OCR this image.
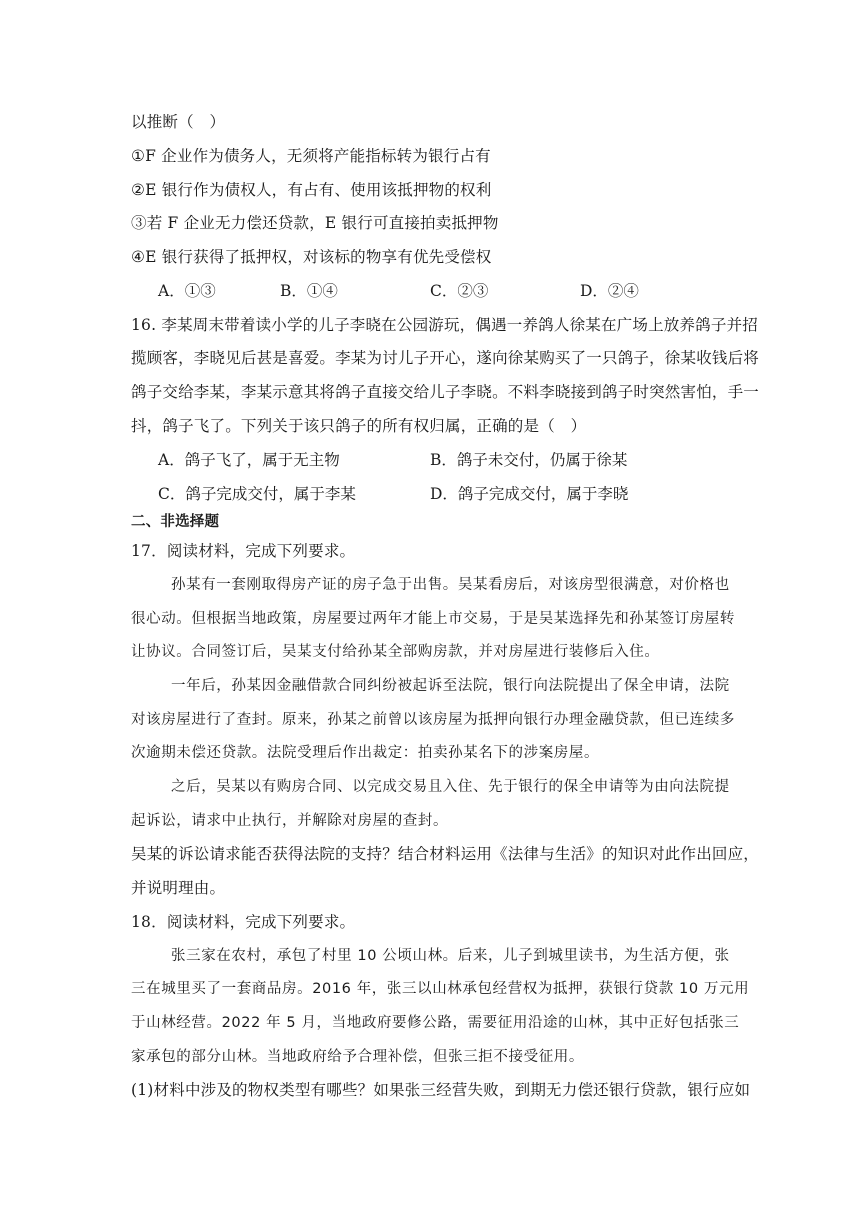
以推断（　）
①F 企业作为债务人，无须将产能指标转为银行占有
②E 银行作为债权人，有占有、使用该抵押物的权利
③若 F 企业无力偿还贷款，E 银行可直接拍卖抵押物
④E 银行获得了抵押权，对该标的物享有优先受偿权
A．①③	B．①④	C．②③	D．②④
16. 李某周末带着读小学的儿子李晓在公园游玩，偶遇一养鸽人徐某在广场上放养鸽子并招
揽顾客，李晓见后甚是喜爱。李某为讨儿子开心，遂向徐某购买了一只鸽子，徐某收钱后将
鸽子交给李某，李某示意其将鸽子直接交给儿子李晓。不料李晓接到鸽子时突然害怕，手一
抖，鸽子飞了。下列关于该只鸽子的所有权归属，正确的是（　）
A．鸽子飞了，属于无主物	B．鸽子未交付，仍属于徐某
C．鸽子完成交付，属于李某	D．鸽子完成交付，属于李晓
二、非选择题
17．阅读材料，完成下列要求。
孙某有一套刚取得房产证的房子急于出售。吴某看房后，对该房型很满意，对价格也
很心动。但根据当地政策，房屋要过两年才能上市交易，于是吴某选择先和孙某签订房屋转
让协议。合同签订后，吴某支付给孙某全部购房款，并对房屋进行装修后入住。
一年后，孙某因金融借款合同纠纷被起诉至法院，银行向法院提出了保全申请，法院
对该房屋进行了查封。原来，孙某之前曾以该房屋为抵押向银行办理金融贷款，但已连续多
次逾期未偿还贷款。法院受理后作出裁定：拍卖孙某名下的涉案房屋。
之后，吴某以有购房合同、以完成交易且入住、先于银行的保全申请等为由向法院提
起诉讼，请求中止执行，并解除对房屋的查封。
吴某的诉讼请求能否获得法院的支持？结合材料运用《法律与生活》的知识对此作出回应，
并说明理由。
18．阅读材料，完成下列要求。
张三家在农村，承包了村里 10 公顷山林。后来，儿子到城里读书，为生活方便，张
三在城里买了一套商品房。2016 年，张三以山林承包经营权为抵押，获银行贷款 10 万元用
于山林经营。2022 年 5 月，当地政府要修公路，需要征用沿途的山林，其中正好包括张三
家承包的部分山林。当地政府给予合理补偿，但张三拒不接受征用。
(1)材料中涉及的物权类型有哪些？如果张三经营失败，到期无力偿还银行贷款，银行应如
